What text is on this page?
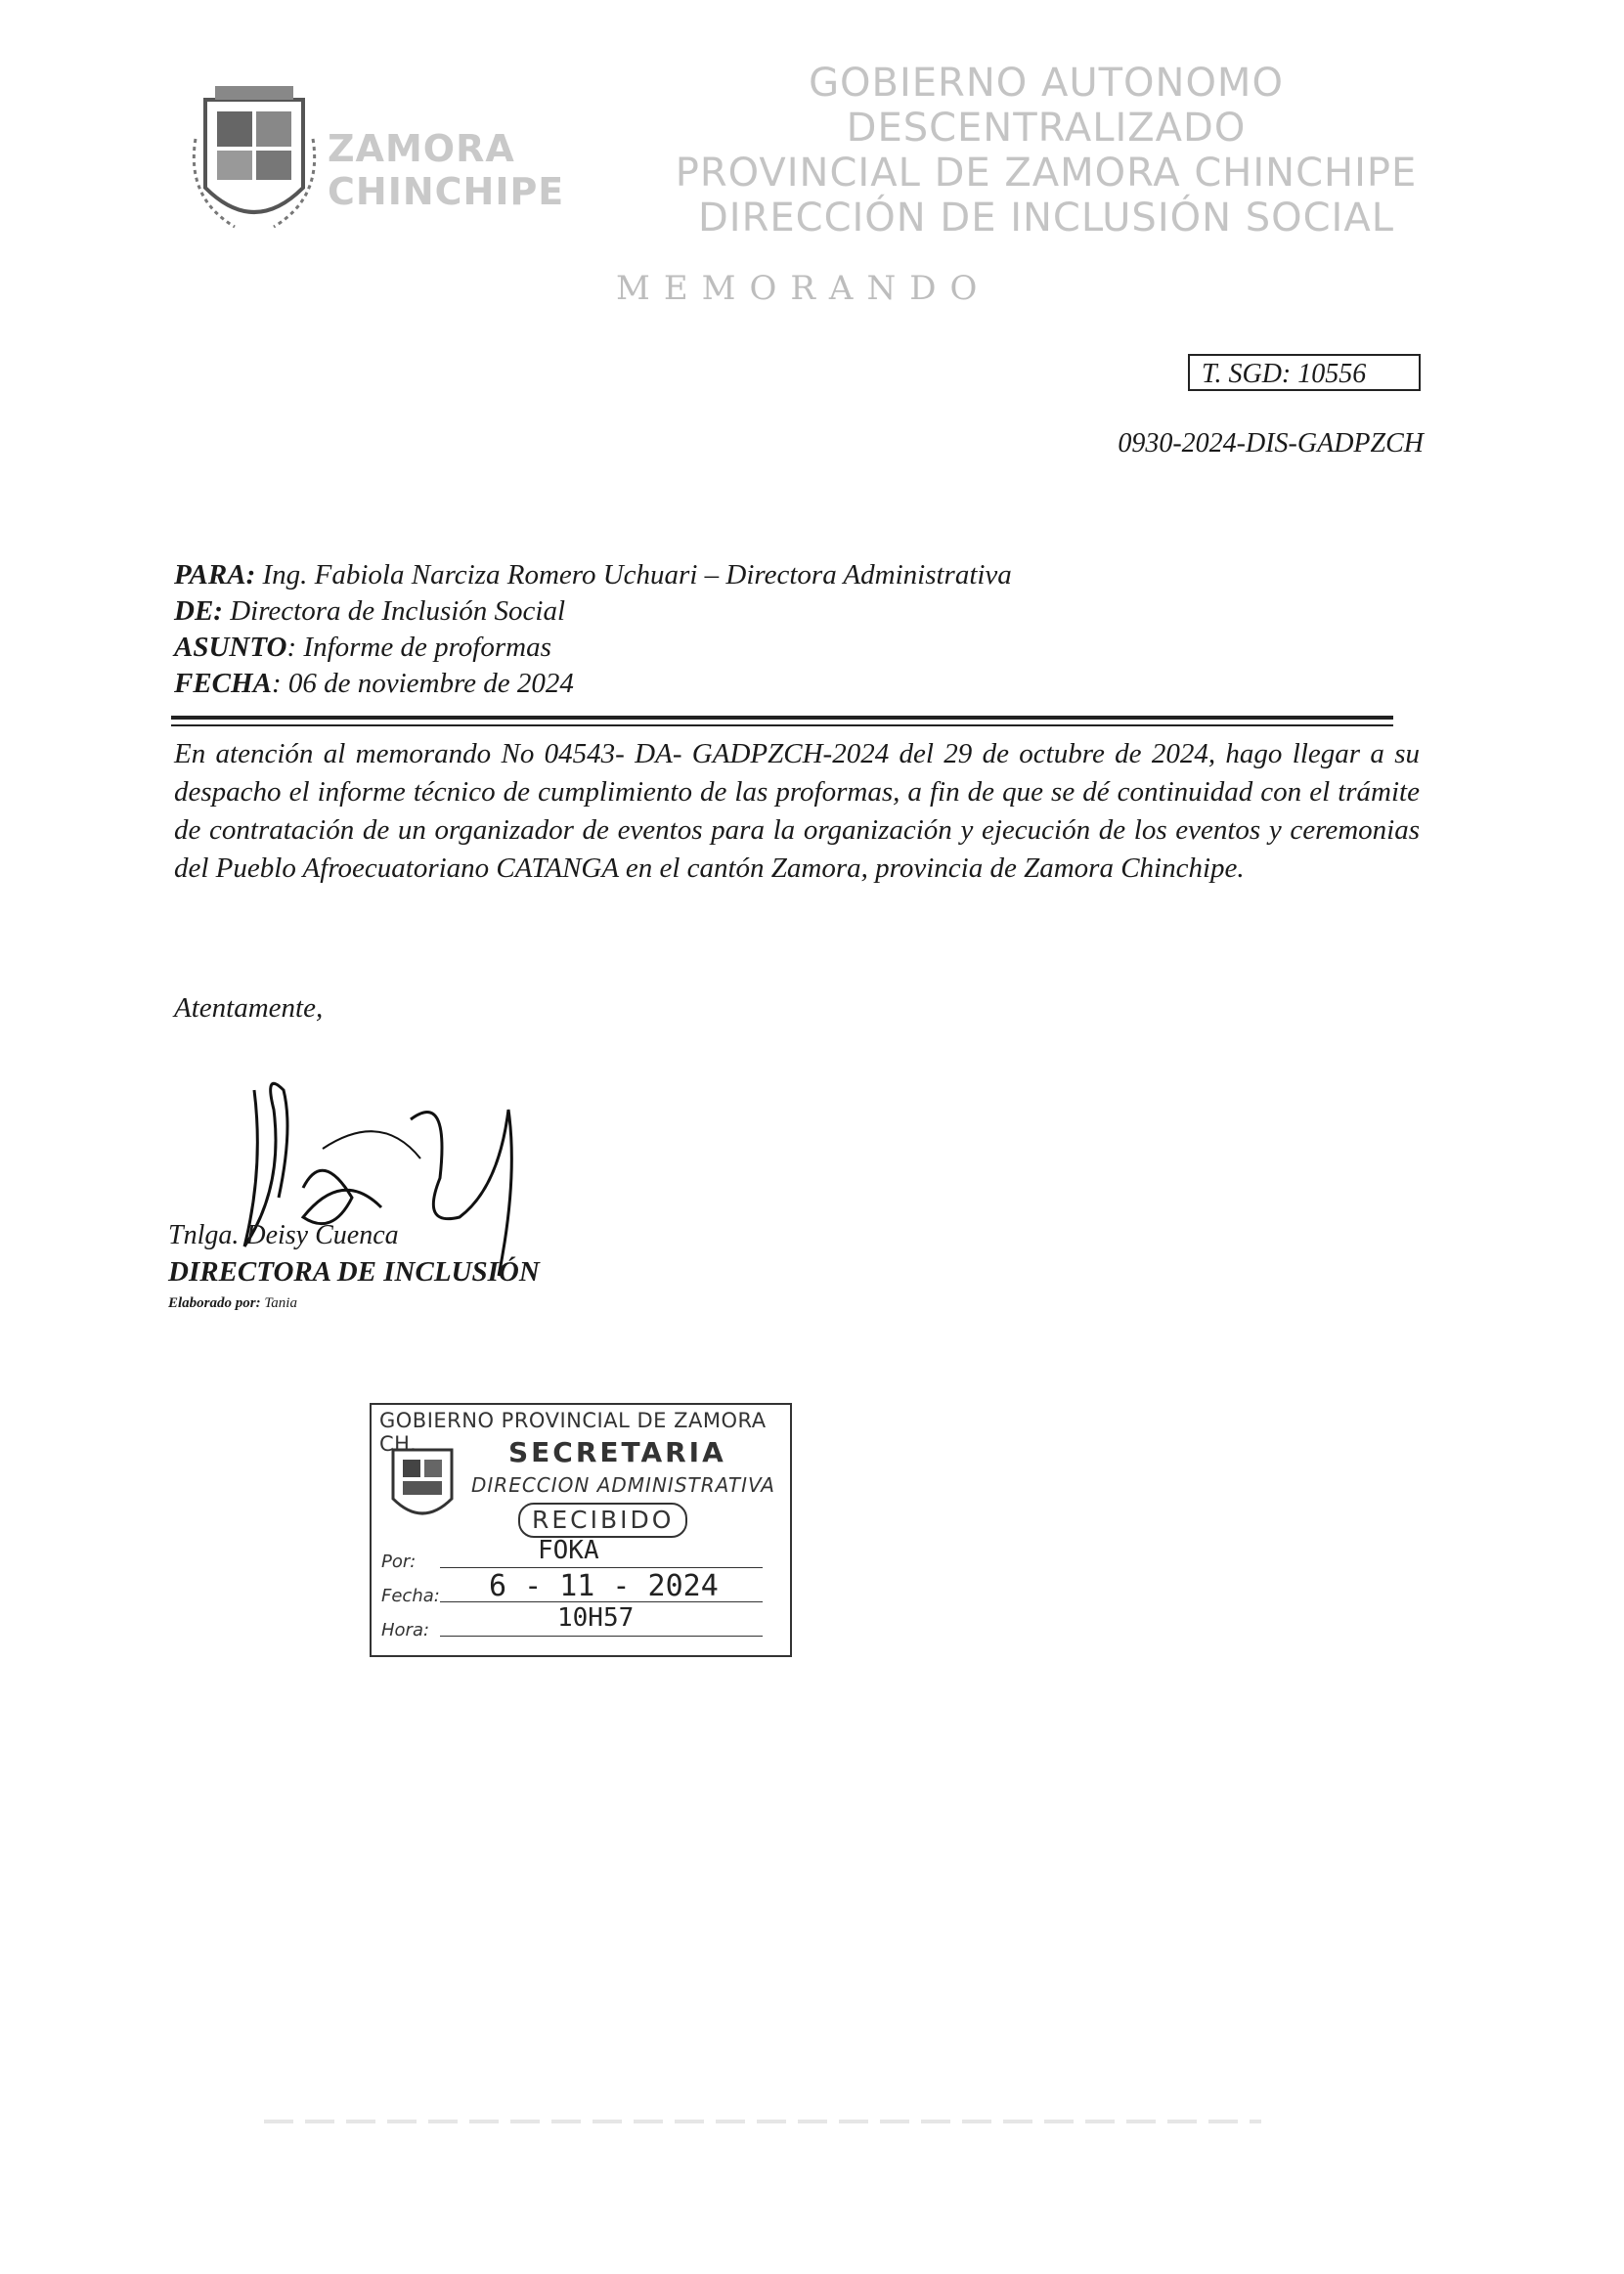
ZAMORA
CHINCHIPE
GOBIERNO AUTONOMO DESCENTRALIZADO
PROVINCIAL DE ZAMORA CHINCHIPE
DIRECCIÓN DE INCLUSIÓN SOCIAL
MEMORANDO
T. SGD: 10556
0930-2024-DIS-GADPZCH
PARA: Ing. Fabiola Narciza Romero Uchuari – Directora Administrativa
DE: Directora de Inclusión Social
ASUNTO: Informe de proformas
FECHA: 06 de noviembre de 2024
En atención al memorando No 04543- DA- GADPZCH-2024 del 29 de octubre de 2024, hago llegar a su despacho el informe técnico de cumplimiento de las proformas, a fin de que se dé continuidad con el trámite de contratación de un organizador de eventos para la organización y ejecución de los eventos y ceremonias del Pueblo Afroecuatoriano CATANGA en el cantón Zamora, provincia de Zamora Chinchipe.
Atentamente,
Tnlga. Deisy Cuenca
DIRECTORA DE INCLUSIÓN
Elaborado por: Tania
GOBIERNO PROVINCIAL DE ZAMORA CH.	SECRETARIA
DIRECCION ADMINISTRATIVA
RECIBIDO
Por:	FOKA
Fecha: 6 - 11 - 2024
Hora:	10H57
